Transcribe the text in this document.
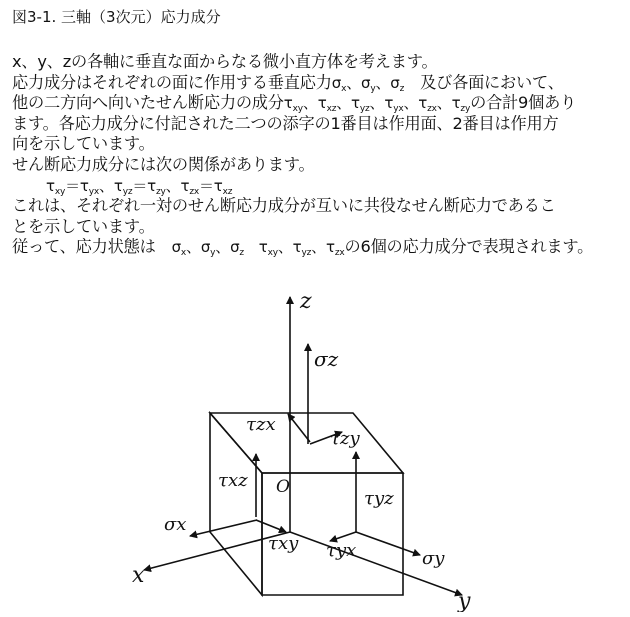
図3-1. 三軸（3次元）応力成分
x、y、zの各軸に垂直な面からなる微小直方体を考えます。
応力成分はそれぞれの面に作用する垂直応力$\sigma_x$、$\sigma_y$、$\sigma_z$　及び各面において、
他の二方向へ向いたせん断応力の成分$\tau_{xy}$、$\tau_{xz}$、$\tau_{yz}$、$\tau_{yx}$、$\tau_{zx}$、$\tau_{zy}$の合計9個あり
ます。各応力成分に付記された二つの添字の1番目は作用面、2番目は作用方
向を示しています。
せん断応力成分には次の関係があります。
$\tau_{xy}=\tau_{yx}$、$\tau_{yz}=\tau_{zy}$、$\tau_{zx}=\tau_{xz}$
これは、それぞれ一対のせん断応力成分が互いに共役なせん断応力であるこ
とを示しています。
従って、応力状態は　$\sigma_x$、$\sigma_y$、$\sigma_z$　 $\tau_{xy}$、$\tau_{yz}$、$\tau_{zx}$の6個の応力成分で表現されます。
z
y
x
O
σz
τzx
τzy
τxz
σx
τxy
τyz
σy
τyx
